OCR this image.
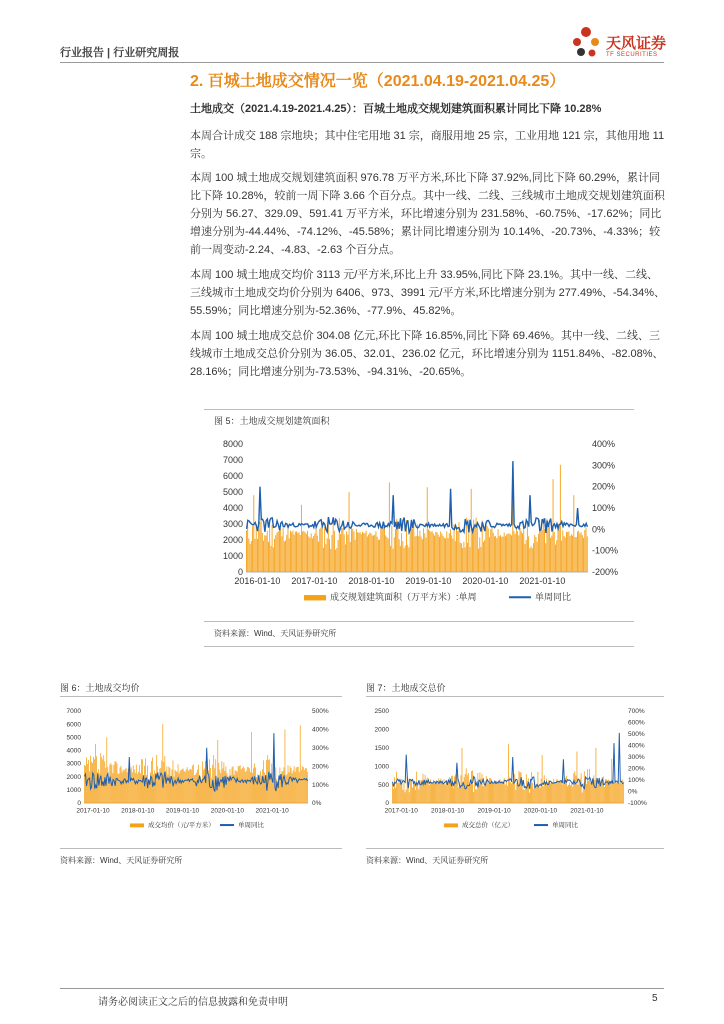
行业报告 | 行业研究周报
天风证券
TF SECURITIES
2. 百城土地成交情况一览（2021.04.19-2021.04.25）
土地成交（2021.4.19-2021.4.25）：百城土地成交规划建筑面积累计同比下降 10.28%

本周合计成交 188 宗地块；其中住宅用地 31 宗，商服用地 25 宗，工业用地 121 宗，其他用地 11 宗。

本周 100 城土地成交规划建筑面积 976.78 万平方米,环比下降 37.92%,同比下降 60.29%，累计同比下降 10.28%，较前一周下降 3.66 个百分点。其中一线、二线、三线城市土地成交规划建筑面积分别为 56.27、329.09、591.41 万平方米，环比增速分别为 231.58%、-60.75%、-17.62%；同比增速分别为-44.44%、-74.12%、-45.58%；累计同比增速分别为 10.14%、-20.73%、-4.33%；较前一周变动-2.24、-4.83、-2.63 个百分点。

本周 100 城土地成交均价 3113 元/平方米,环比上升 33.95%,同比下降 23.1%。其中一线、二线、三线城市土地成交均价分别为 6406、973、3991 元/平方米,环比增速分别为 277.49%、-54.34%、55.59%；同比增速分别为-52.36%、-77.9%、45.82%。

本周 100 城土地成交总价 304.08 亿元,环比下降 16.85%,同比下降 69.46%。其中一线、二线、三线城市土地成交总价分别为 36.05、32.01、236.02 亿元，环比增速分别为 1151.84%、-82.08%、28.16%；同比增速分别为-73.53%、-94.31%、-20.65%。

图 5：土地成交规划建筑面积
0
1000
2000
3000
4000
5000
6000
7000
8000
-200%
-100%
0%
100%
200%
300%
400%
2016-01-10 2017-01-10 2018-01-10 2019-01-10 2020-01-10 2021-01-10
成交规划建筑面积（万平方米）:单周	单周同比
资料来源：Wind、天风证券研究所
图 6：土地成交均价
0
1000
2000
3000
4000
5000
6000
7000
0%
100%
200%
300%
400%
500%
2017-01-10 2018-01-10 2019-01-10 2020-01-10 2021-01-10
成交均价（元/平方米）	单周同比
资料来源：Wind、天风证券研究所
图 7：土地成交总价
0
500
1000
1500
2000
2500
-100%
0%
100%
200%
300%
400%
500%
600%
700%
2017-01-10 2018-01-10 2019-01-10 2020-01-10 2021-01-10
成交总价（亿元）	单周同比
资料来源：Wind、天风证券研究所
请务必阅读正文之后的信息披露和免责申明	5
